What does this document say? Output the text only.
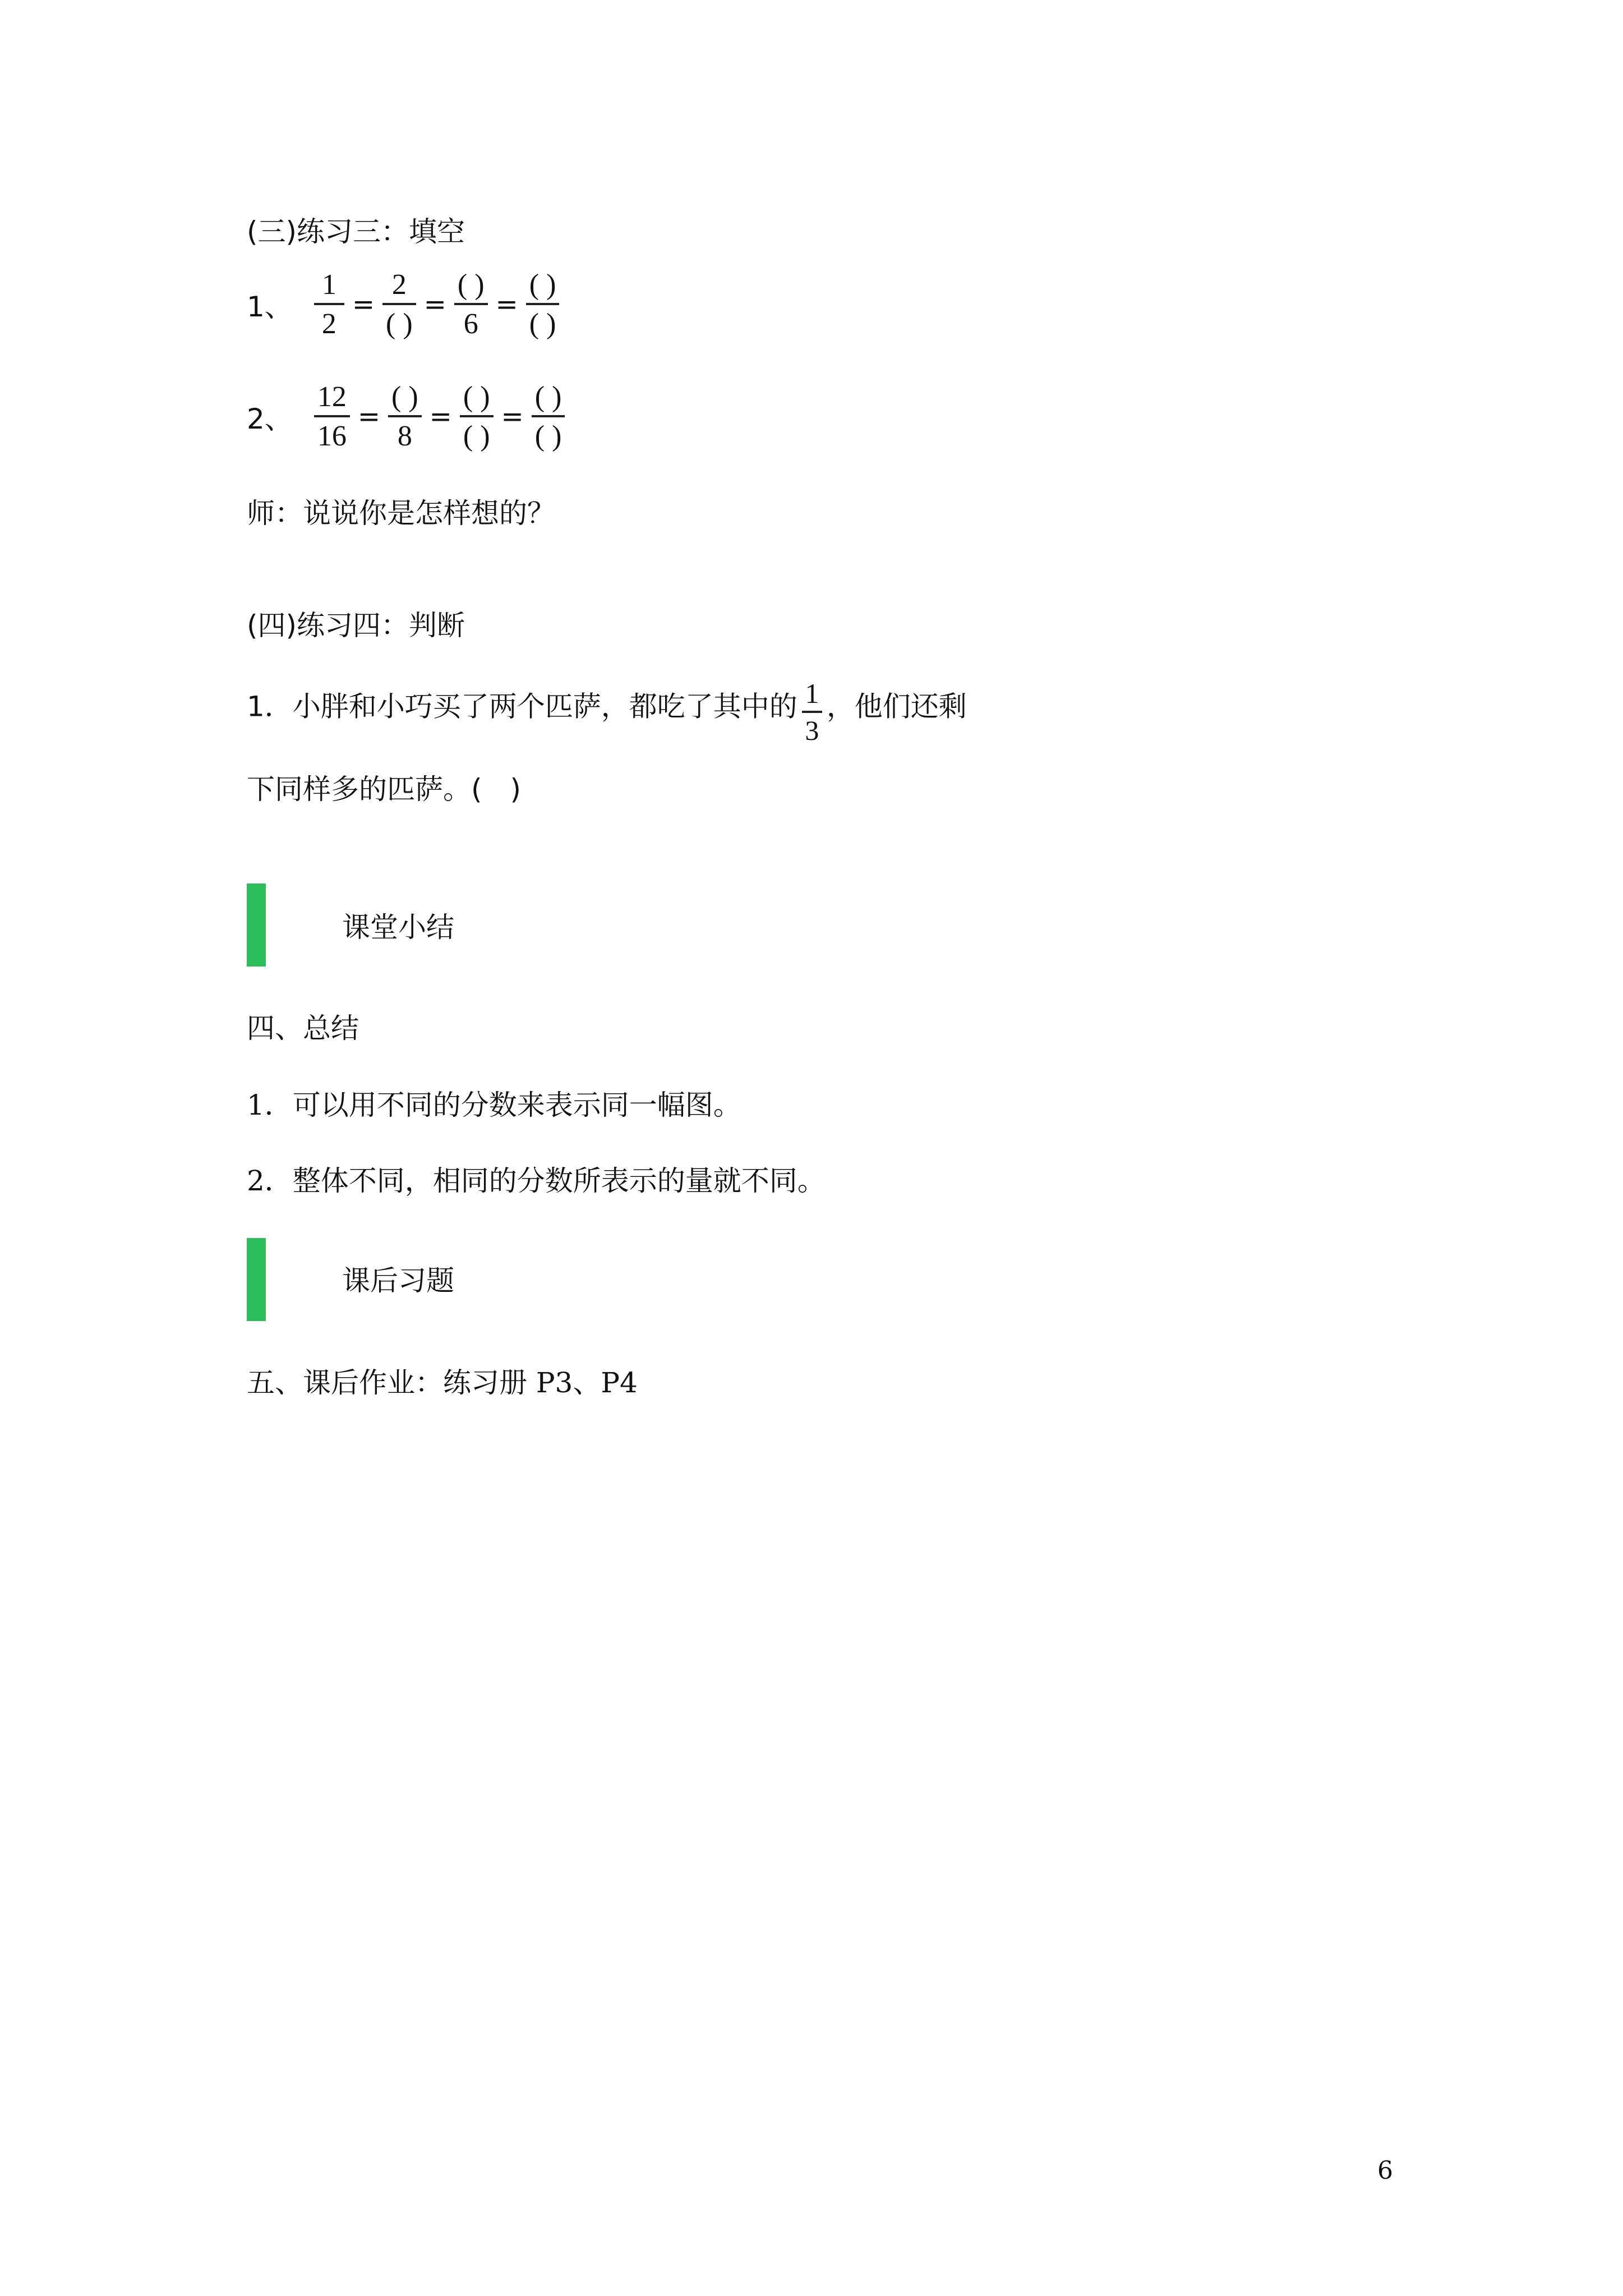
(三)练习三：填空
1、 $\frac{1}{2} = \frac{2}{( )} = \frac{( )}{6} = \frac{( )}{( )}$
2、 $\frac{12}{16} = \frac{( )}{8} = \frac{( )}{( )} = \frac{( )}{( )}$
师：说说你是怎样想的？
(四)练习四：判断
1．小胖和小巧买了两个匹萨，都吃了其中的 $\frac{1}{3}$ ，他们还剩
下同样多的匹萨。(　)
课堂小结
四、总结
1．可以用不同的分数来表示同一幅图。
2．整体不同，相同的分数所表示的量就不同。
课后习题
五、课后作业：练习册 P3、P4
6
